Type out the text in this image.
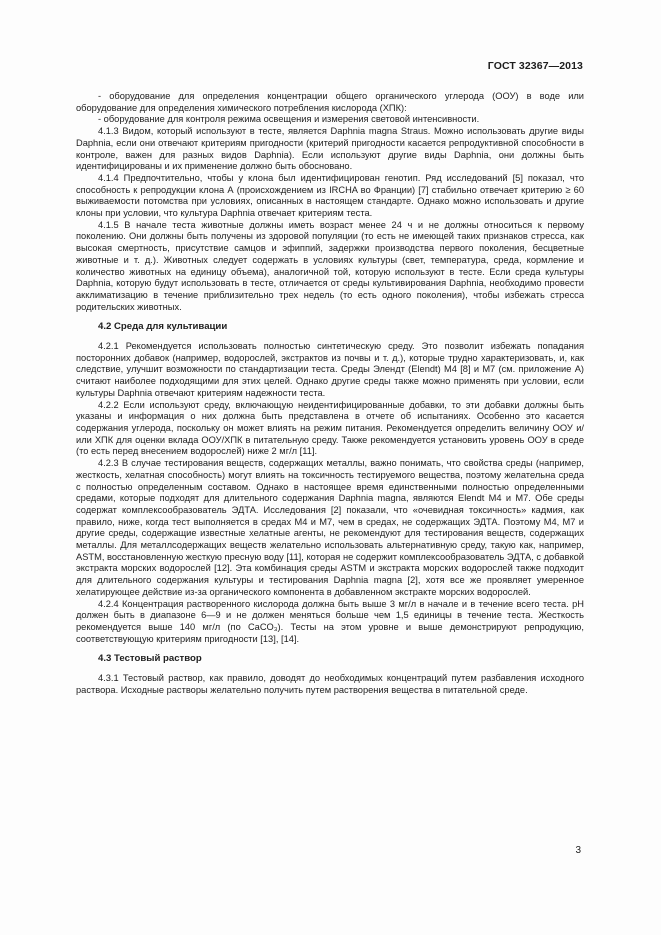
ГОСТ 32367—2013

- оборудование для определения концентрации общего органического углерода (ООУ) в воде или оборудование для определения химического потребления кислорода (ХПК):

- оборудование для контроля режима освещения и измерения световой интенсивности.

4.1.3 Видом, который используют в тесте, является Daphnia magna Straus. Можно использовать другие виды Daphnia, если они отвечают критериям пригодности (критерий пригодности касается репродуктивной способности в контроле, важен для разных видов Daphnia). Если используют другие виды Daphnia, они должны быть идентифицированы и их применение должно быть обосновано.

4.1.4 Предпочтительно, чтобы у клона был идентифицирован генотип. Ряд исследований [5] показал, что способность к репродукции клона А (происхождением из IRCHA во Франции) [7] стабильно отвечает критерию ≥ 60 выживаемости потомства при условиях, описанных в настоящем стандарте. Однако можно использовать и другие клоны при условии, что культура Daphnia отвечает критериям теста.

4.1.5 В начале теста животные должны иметь возраст менее 24 ч и не должны относиться к первому поколению. Они должны быть получены из здоровой популяции (то есть не имеющей таких признаков стресса, как высокая смертность, присутствие самцов и эфиппий, задержки производства первого поколения, бесцветные животные и т. д.). Животных следует содержать в условиях культуры (свет, температура, среда, кормление и количество животных на единицу объема), аналогичной той, которую используют в тесте. Если среда культуры Daphnia, которую будут использовать в тесте, отличается от среды культивирования Daphnia, необходимо провести акклиматизацию в течение приблизительно трех недель (то есть одного поколения), чтобы избежать стресса родительских животных.

4.2 Среда для культивации

4.2.1 Рекомендуется использовать полностью синтетическую среду. Это позволит избежать попадания посторонних добавок (например, водорослей, экстрактов из почвы и т. д.), которые трудно характеризовать, и, как следствие, улучшит возможности по стандартизации теста. Среды Элендт (Elendt) М4 [8] и М7 (см. приложение А) считают наиболее подходящими для этих целей. Однако другие среды также можно применять при условии, если культуры Daphnia отвечают критериям надежности теста.

4.2.2 Если используют среду, включающую неидентифицированные добавки, то эти добавки должны быть указаны и информация о них должна быть представлена в отчете об испытаниях. Особенно это касается содержания углерода, поскольку он может влиять на режим питания. Рекомендуется определить величину ООУ и/или ХПК для оценки вклада ООУ/ХПК в питательную среду. Также рекомендуется установить уровень ООУ в среде (то есть перед внесением водорослей) ниже 2 мг/л [11].

4.2.3 В случае тестирования веществ, содержащих металлы, важно понимать, что свойства среды (например, жесткость, хелатная способность) могут влиять на токсичность тестируемого вещества, поэтому желательна среда с полностью определенным составом. Однако в настоящее время единственными полностью определенными средами, которые подходят для длительного содержания Daphnia magna, являются Elendt M4 и M7. Обе среды содержат комплексообразователь ЭДТА. Исследования [2] показали, что «очевидная токсичность» кадмия, как правило, ниже, когда тест выполняется в средах М4 и М7, чем в средах, не содержащих ЭДТА. Поэтому М4, М7 и другие среды, содержащие известные хелатные агенты, не рекомендуют для тестирования веществ, содержащих металлы. Для металлсодержащих веществ желательно использовать альтернативную среду, такую как, например, ASTM, восстановленную жесткую пресную воду [11], которая не содержит комплексообразователь ЭДТА, с добавкой экстракта морских водорослей [12]. Эта комбинация среды ASTM и экстракта морских водорослей также подходит для длительного содержания культуры и тестирования Daphnia magna [2], хотя все же проявляет умеренное хелатирующее действие из-за органического компонента в добавленном экстракте морских водорослей.

4.2.4 Концентрация растворенного кислорода должна быть выше 3 мг/л в начале и в течение всего теста. pH должен быть в диапазоне 6—9 и не должен меняться больше чем 1,5 единицы в течение теста. Жесткость рекомендуется выше 140 мг/л (по CaCO₃). Тесты на этом уровне и выше демонстрируют репродукцию, соответствующую критериям пригодности [13], [14].

4.3 Тестовый раствор

4.3.1 Тестовый раствор, как правило, доводят до необходимых концентраций путем разбавления исходного раствора. Исходные растворы желательно получить путем растворения вещества в питательной среде.

3
